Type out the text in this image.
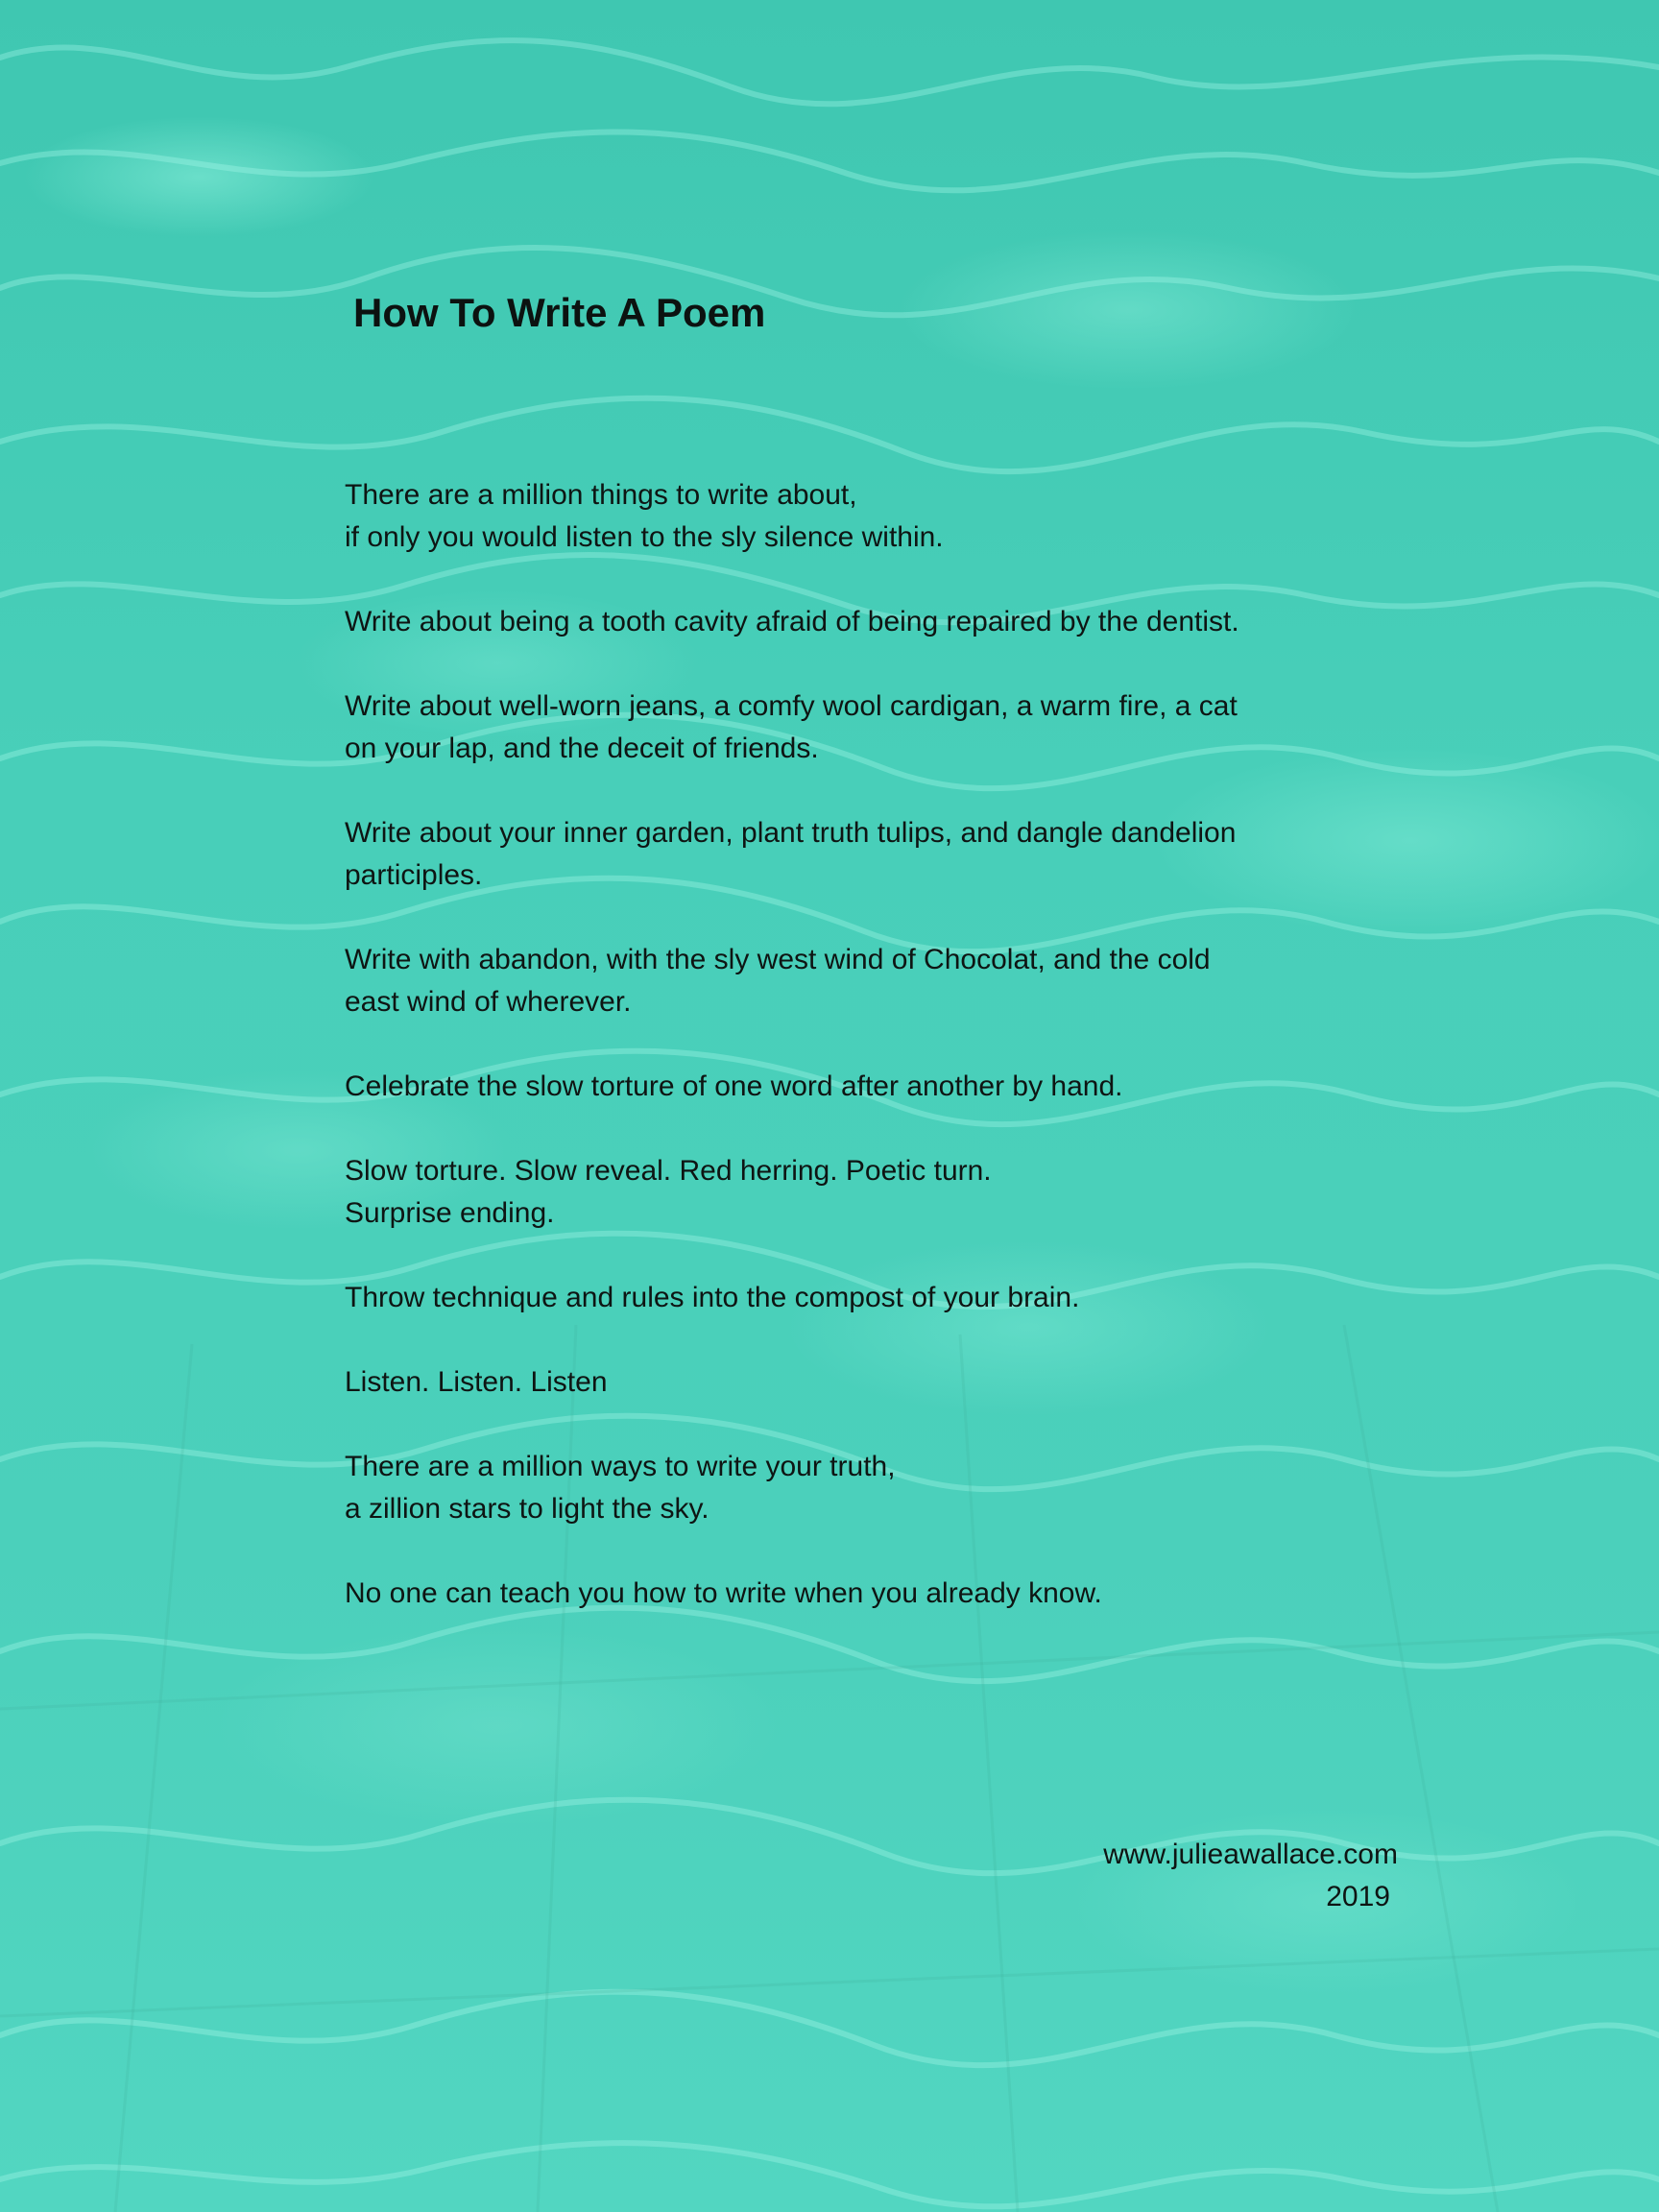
How To Write A Poem

There are a million things to write about,
if only you would listen to the sly silence within.

Write about being a tooth cavity afraid of being repaired by the dentist.

Write about well-worn jeans, a comfy wool cardigan, a warm fire, a cat
on your lap, and the deceit of friends.

Write about your inner garden, plant truth tulips, and dangle dandelion
participles.

Write with abandon, with the sly west wind of Chocolat, and the cold
east wind of wherever.

Celebrate the slow torture of one word after another by hand.

Slow torture. Slow reveal. Red herring. Poetic turn.
Surprise ending.

Throw technique and rules into the compost of your brain.

Listen. Listen. Listen

There are a million ways to write your truth,
a zillion stars to light the sky.

No one can teach you how to write when you already know.

www.julieawallace.com
2019
